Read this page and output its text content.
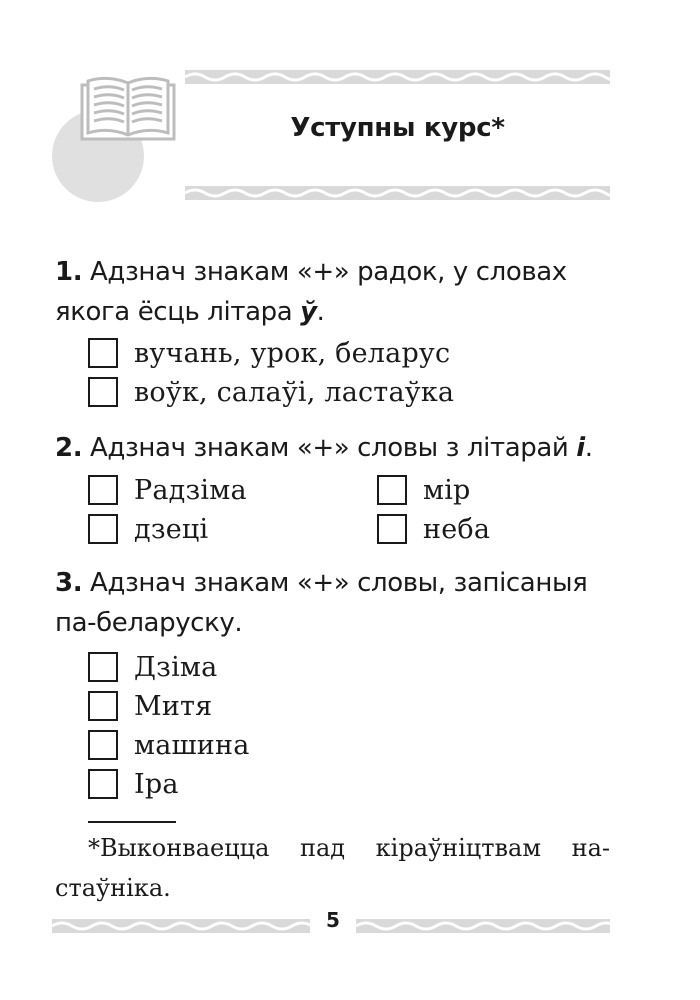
Уступны курс*
1. Адзнач знакам «+» радок, у словах
якога ёсць літара ў.
вучань, урок, беларус
воўк, салаўі, ластаўка
2. Адзнач знакам «+» словы з літарай і.
Радзіма	мір
дзеці	неба
3. Адзнач знакам «+» словы, запісаныя
па-беларуску.
Дзіма
Митя
машина
Іра
*Выконваецца пад кіраўніцтвам на-стаўніка.
5
